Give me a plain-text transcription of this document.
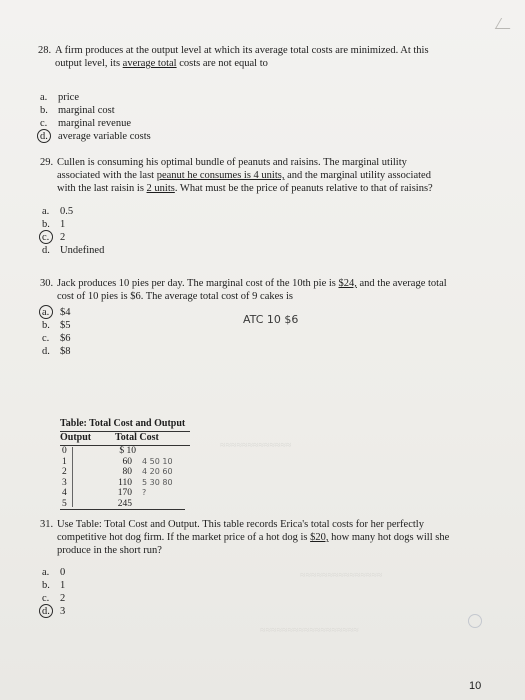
≈≈≈≈≈≈≈≈≈≈≈≈≈
≈≈≈≈≈≈≈≈≈≈≈≈≈≈≈
≈≈≈≈≈≈≈≈≈≈≈≈≈≈≈≈≈≈
28. A firm produces at the output level at which its average total costs are minimized. At this
output level, its average total costs are not equal to
a. price
b. marginal cost
c. marginal revenue
d. average variable costs
29. Cullen is consuming his optimal bundle of peanuts and raisins. The marginal utility
associated with the last peanut he consumes is 4 units, and the marginal utility associated
with the last raisin is 2 units. What must be the price of peanuts relative to that of raisins?
a. 0.5
b. 1
c. 2
d. Undefined
30. Jack produces 10 pies per day. The marginal cost of the 10th pie is $24, and the average total
cost of 10 pies is $6. The average total cost of 9 cakes is
a. $4
b. $5
c. $6
d. $8
ATC 10 $6
Table: Total Cost and Output
Output Total Cost
0	$ 10
1	60 4 50 10
2	80 4 20 60
3	110 5 30 80
4	170 ?
5	245
31. Use Table: Total Cost and Output. This table records Erica's total costs for her perfectly
competitive hot dog firm. If the market price of a hot dog is $20, how many hot dogs will she
produce in the short run?
a. 0
b. 1
c. 2
d. 3
10
